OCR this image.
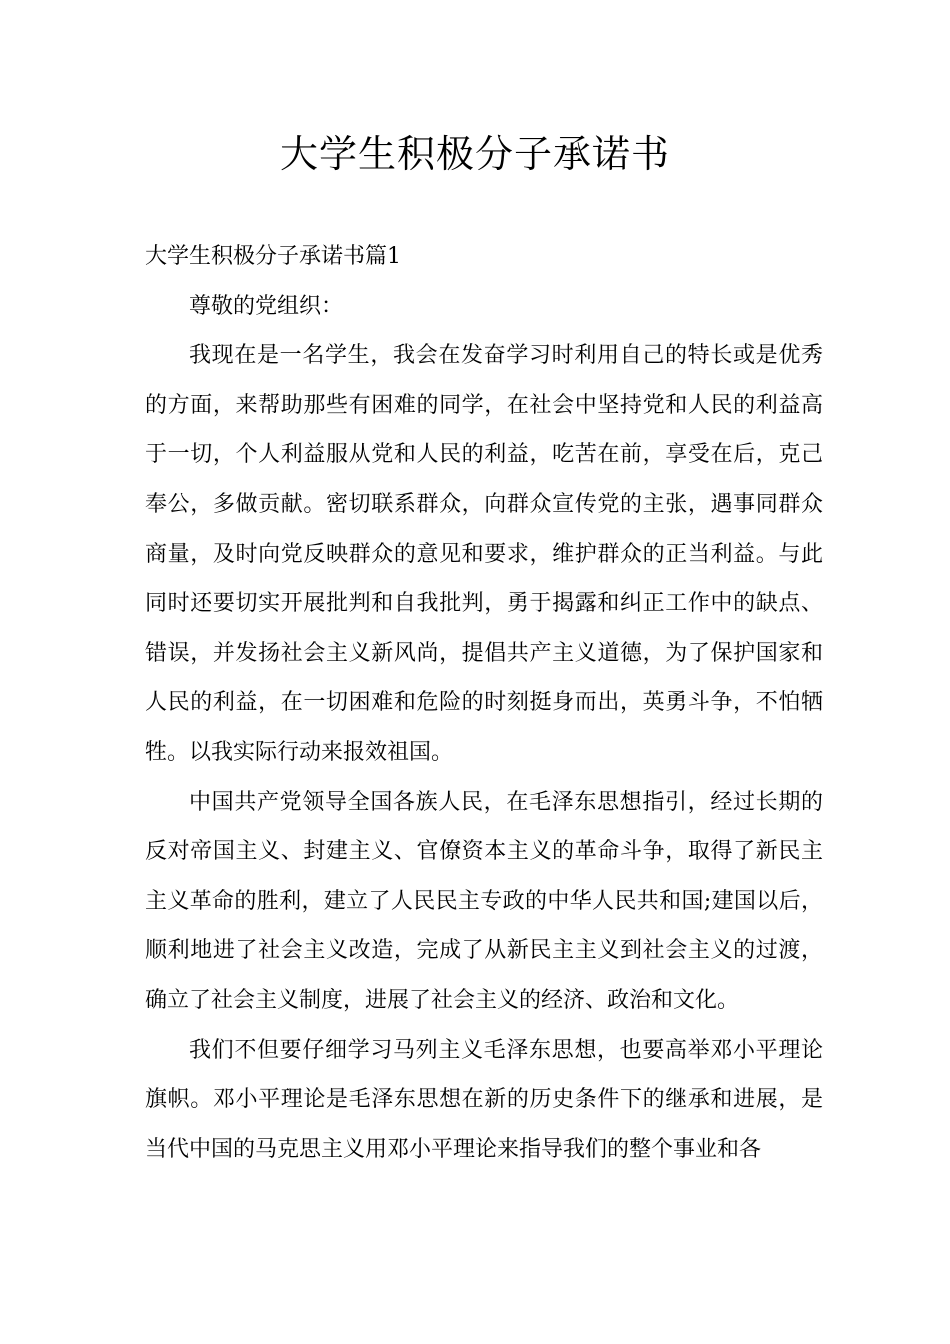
大学生积极分子承诺书

大学生积极分子承诺书篇1

尊敬的党组织：

我现在是一名学生，我会在发奋学习时利用自己的特长或是优秀的方面，来帮助那些有困难的同学，在社会中坚持党和人民的利益高于一切，个人利益服从党和人民的利益，吃苦在前，享受在后，克己奉公，多做贡献。密切联系群众，向群众宣传党的主张，遇事同群众商量，及时向党反映群众的意见和要求，维护群众的正当利益。与此同时还要切实开展批判和自我批判，勇于揭露和纠正工作中的缺点、错误，并发扬社会主义新风尚，提倡共产主义道德，为了保护国家和人民的利益，在一切困难和危险的时刻挺身而出，英勇斗争，不怕牺牲。以我实际行动来报效祖国。

中国共产党领导全国各族人民，在毛泽东思想指引，经过长期的反对帝国主义、封建主义、官僚资本主义的革命斗争，取得了新民主主义革命的胜利，建立了人民民主专政的中华人民共和国;建国以后，顺利地进了社会主义改造，完成了从新民主主义到社会主义的过渡，确立了社会主义制度，进展了社会主义的经济、政治和文化。

我们不但要仔细学习马列主义毛泽东思想，也要高举邓小平理论旗帜。邓小平理论是毛泽东思想在新的历史条件下的继承和进展，是当代中国的马克思主义用邓小平理论来指导我们的整个事业和各
